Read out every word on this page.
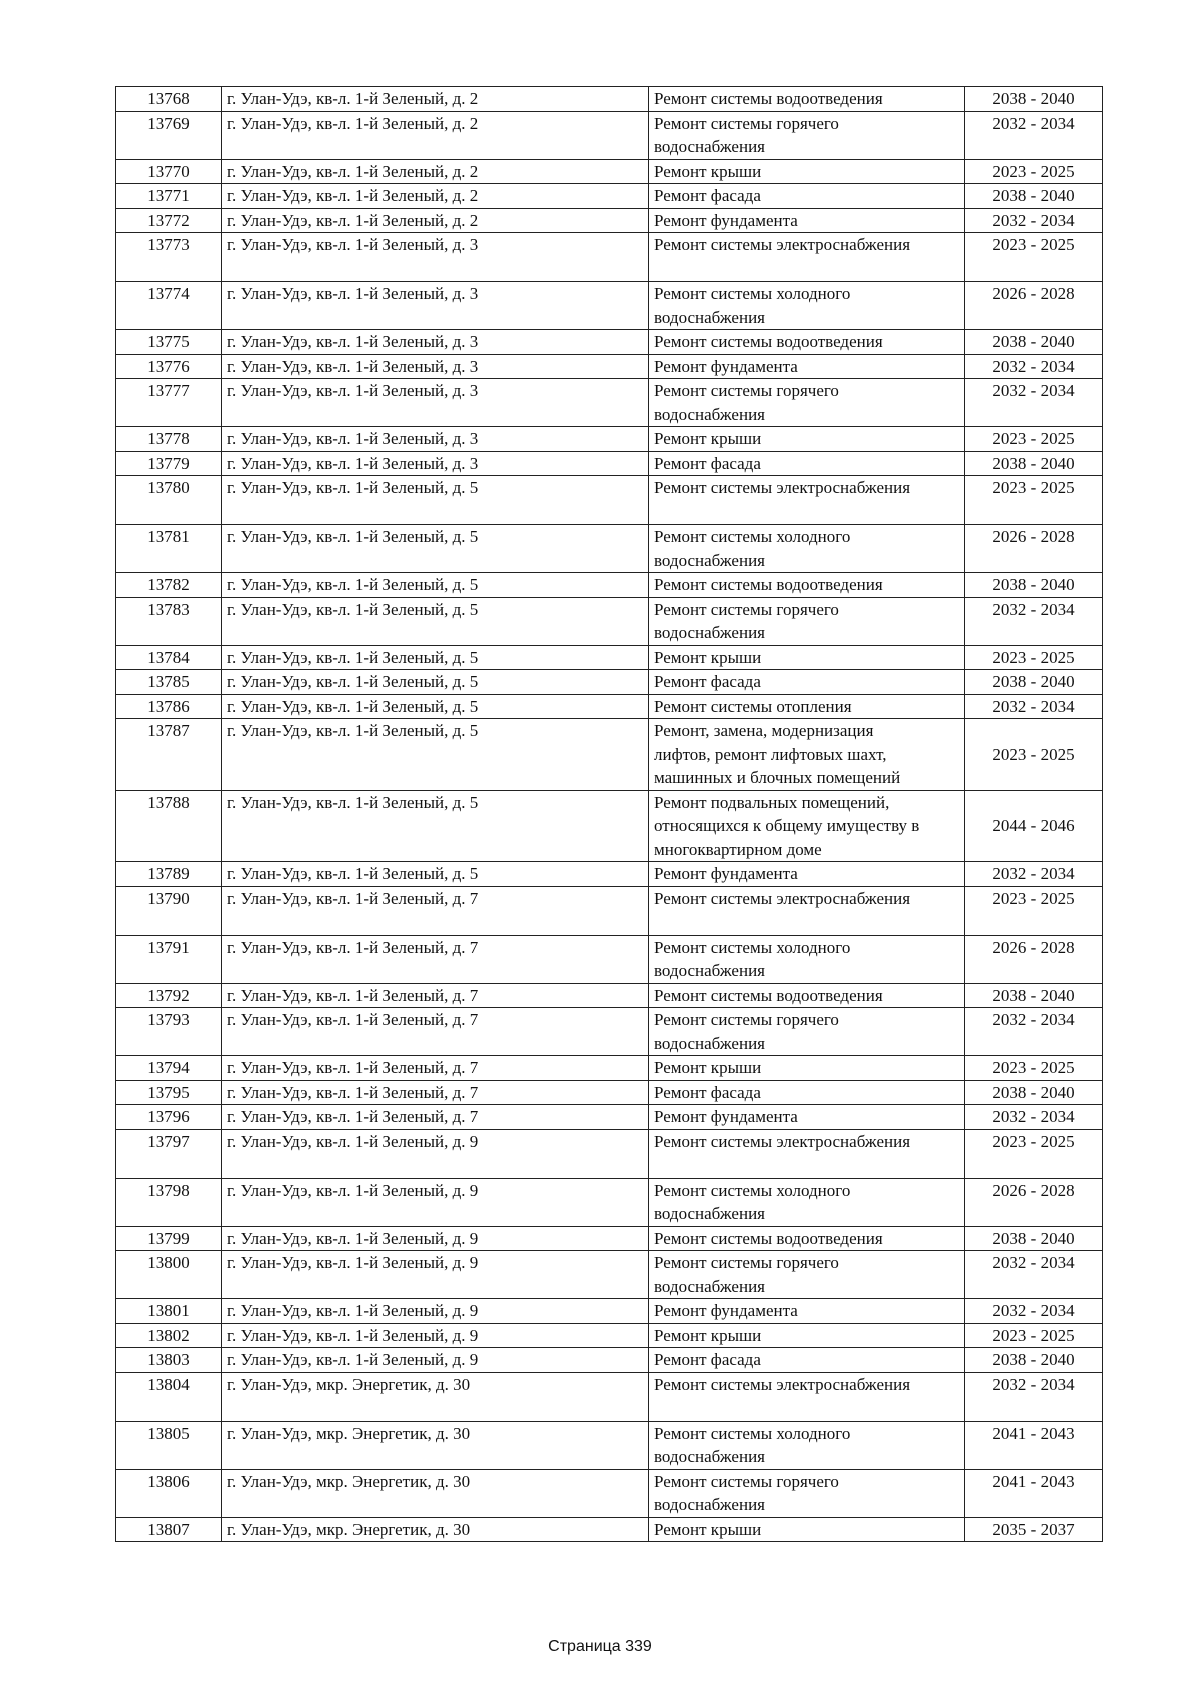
13768	г. Улан-Удэ, кв-л. 1-й Зеленый, д. 2	Ремонт системы водоотведения	2038 - 2040
13769	г. Улан-Удэ, кв-л. 1-й Зеленый, д. 2	Ремонт системы горячего
водоснабжения	2032 - 2034
13770	г. Улан-Удэ, кв-л. 1-й Зеленый, д. 2	Ремонт крыши	2023 - 2025
13771	г. Улан-Удэ, кв-л. 1-й Зеленый, д. 2	Ремонт фасада	2038 - 2040
13772	г. Улан-Удэ, кв-л. 1-й Зеленый, д. 2	Ремонт фундамента	2032 - 2034
13773	г. Улан-Удэ, кв-л. 1-й Зеленый, д. 3	Ремонт системы электроснабжения	2023 - 2025
13774	г. Улан-Удэ, кв-л. 1-й Зеленый, д. 3	Ремонт системы холодного
водоснабжения	2026 - 2028
13775	г. Улан-Удэ, кв-л. 1-й Зеленый, д. 3	Ремонт системы водоотведения	2038 - 2040
13776	г. Улан-Удэ, кв-л. 1-й Зеленый, д. 3	Ремонт фундамента	2032 - 2034
13777	г. Улан-Удэ, кв-л. 1-й Зеленый, д. 3	Ремонт системы горячего
водоснабжения	2032 - 2034
13778	г. Улан-Удэ, кв-л. 1-й Зеленый, д. 3	Ремонт крыши	2023 - 2025
13779	г. Улан-Удэ, кв-л. 1-й Зеленый, д. 3	Ремонт фасада	2038 - 2040
13780	г. Улан-Удэ, кв-л. 1-й Зеленый, д. 5	Ремонт системы электроснабжения	2023 - 2025
13781	г. Улан-Удэ, кв-л. 1-й Зеленый, д. 5	Ремонт системы холодного
водоснабжения	2026 - 2028
13782	г. Улан-Удэ, кв-л. 1-й Зеленый, д. 5	Ремонт системы водоотведения	2038 - 2040
13783	г. Улан-Удэ, кв-л. 1-й Зеленый, д. 5	Ремонт системы горячего
водоснабжения	2032 - 2034
13784	г. Улан-Удэ, кв-л. 1-й Зеленый, д. 5	Ремонт крыши	2023 - 2025
13785	г. Улан-Удэ, кв-л. 1-й Зеленый, д. 5	Ремонт фасада	2038 - 2040
13786	г. Улан-Удэ, кв-л. 1-й Зеленый, д. 5	Ремонт системы отопления	2032 - 2034
13787	г. Улан-Удэ, кв-л. 1-й Зеленый, д. 5	Ремонт, замена, модернизация
лифтов, ремонт лифтовых шахт,
машинных и блочных помещений	2023 - 2025
13788	г. Улан-Удэ, кв-л. 1-й Зеленый, д. 5	Ремонт подвальных помещений,
относящихся к общему имуществу в
многоквартирном доме	2044 - 2046
13789	г. Улан-Удэ, кв-л. 1-й Зеленый, д. 5	Ремонт фундамента	2032 - 2034
13790	г. Улан-Удэ, кв-л. 1-й Зеленый, д. 7	Ремонт системы электроснабжения	2023 - 2025
13791	г. Улан-Удэ, кв-л. 1-й Зеленый, д. 7	Ремонт системы холодного
водоснабжения	2026 - 2028
13792	г. Улан-Удэ, кв-л. 1-й Зеленый, д. 7	Ремонт системы водоотведения	2038 - 2040
13793	г. Улан-Удэ, кв-л. 1-й Зеленый, д. 7	Ремонт системы горячего
водоснабжения	2032 - 2034
13794	г. Улан-Удэ, кв-л. 1-й Зеленый, д. 7	Ремонт крыши	2023 - 2025
13795	г. Улан-Удэ, кв-л. 1-й Зеленый, д. 7	Ремонт фасада	2038 - 2040
13796	г. Улан-Удэ, кв-л. 1-й Зеленый, д. 7	Ремонт фундамента	2032 - 2034
13797	г. Улан-Удэ, кв-л. 1-й Зеленый, д. 9	Ремонт системы электроснабжения	2023 - 2025
13798	г. Улан-Удэ, кв-л. 1-й Зеленый, д. 9	Ремонт системы холодного
водоснабжения	2026 - 2028
13799	г. Улан-Удэ, кв-л. 1-й Зеленый, д. 9	Ремонт системы водоотведения	2038 - 2040
13800	г. Улан-Удэ, кв-л. 1-й Зеленый, д. 9	Ремонт системы горячего
водоснабжения	2032 - 2034
13801	г. Улан-Удэ, кв-л. 1-й Зеленый, д. 9	Ремонт фундамента	2032 - 2034
13802	г. Улан-Удэ, кв-л. 1-й Зеленый, д. 9	Ремонт крыши	2023 - 2025
13803	г. Улан-Удэ, кв-л. 1-й Зеленый, д. 9	Ремонт фасада	2038 - 2040
13804	г. Улан-Удэ, мкр. Энергетик, д. 30	Ремонт системы электроснабжения	2032 - 2034
13805	г. Улан-Удэ, мкр. Энергетик, д. 30	Ремонт системы холодного
водоснабжения	2041 - 2043
13806	г. Улан-Удэ, мкр. Энергетик, д. 30	Ремонт системы горячего
водоснабжения	2041 - 2043
13807	г. Улан-Удэ, мкр. Энергетик, д. 30	Ремонт крыши	2035 - 2037
Страница 339
